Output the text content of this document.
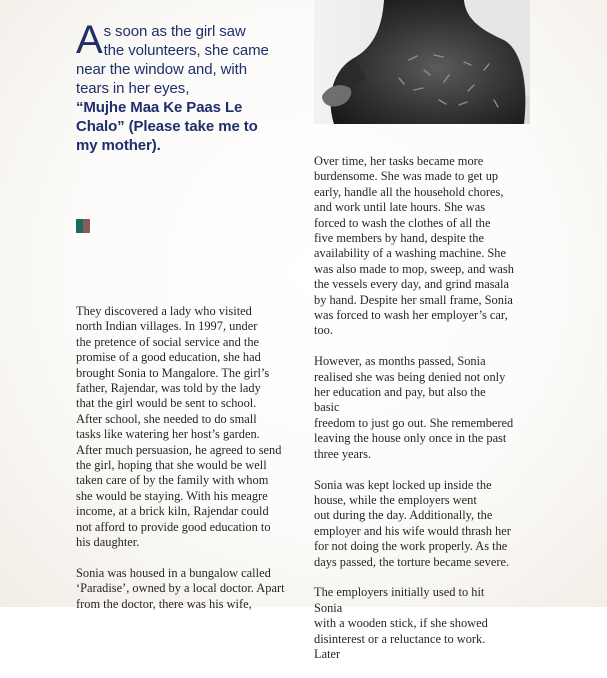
A s soon as the girl saw
the volunteers, she came
near the window and, with
tears in her eyes,
“Mujhe Maa Ke Paas Le
Chalo” (Please take me to
my mother).

They discovered a lady who visited
north Indian villages. In 1997, under
the pretence of social service and the
promise of a good education, she had
brought Sonia to Mangalore. The girl’s
father, Rajendar, was told by the lady
that the girl would be sent to school.
After school, she needed to do small
tasks like watering her host’s garden.
After much persuasion, he agreed to send
the girl, hoping that she would be well
taken care of by the family with whom
she would be staying. With his meagre
income, at a brick kiln, Rajendar could
not afford to provide good education to
his daughter.

Sonia was housed in a bungalow called
‘Paradise’, owned by a local doctor. Apart
from the doctor, there was his wife,

Over time, her tasks became more
burdensome. She was made to get up
early, handle all the household chores,
and work until late hours. She was
forced to wash the clothes of all the
five members by hand, despite the
availability of a washing machine. She
was also made to mop, sweep, and wash
the vessels every day, and grind masala
by hand. Despite her small frame, Sonia
was forced to wash her employer’s car,
too.

However, as months passed, Sonia
realised she was being denied not only
her education and pay, but also the basic
freedom to just go out. She remembered
leaving the house only once in the past
three years.

Sonia was kept locked up inside the
house, while the employers went
out during the day. Additionally, the
employer and his wife would thrash her
for not doing the work properly. As the
days passed, the torture became severe.

The employers initially used to hit Sonia
with a wooden stick, if she showed
disinterest or a reluctance to work. Later
